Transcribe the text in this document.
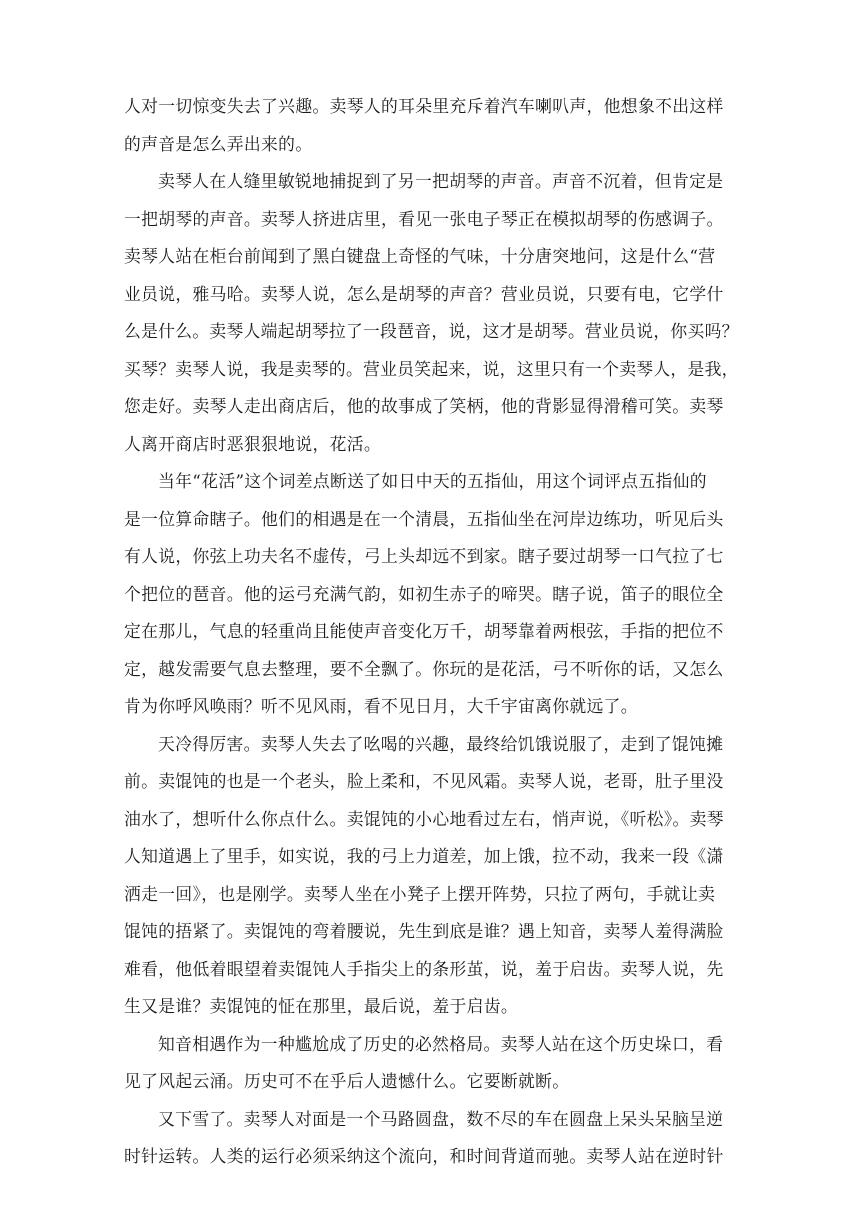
人对一切惊变失去了兴趣。卖琴人的耳朵里充斥着汽车喇叭声，他想象不出这样
的声音是怎么弄出来的。
卖琴人在人缝里敏锐地捕捉到了另一把胡琴的声音。声音不沉着，但肯定是
一把胡琴的声音。卖琴人挤进店里，看见一张电子琴正在模拟胡琴的伤感调子。
卖琴人站在柜台前闻到了黑白键盘上奇怪的气味，十分唐突地问，这是什么“营
业员说，雅马哈。卖琴人说，怎么是胡琴的声音？营业员说，只要有电，它学什
么是什么。卖琴人端起胡琴拉了一段琶音，说，这才是胡琴。营业员说，你买吗？
买琴？卖琴人说，我是卖琴的。营业员笑起来，说，这里只有一个卖琴人，是我，
您走好。卖琴人走出商店后，他的故事成了笑柄，他的背影显得滑稽可笑。卖琴
人离开商店时恶狠狠地说，花活。
当年“花活”这个词差点断送了如日中天的五指仙，用这个词评点五指仙的
是一位算命瞎子。他们的相遇是在一个清晨，五指仙坐在河岸边练功，听见后头
有人说，你弦上功夫名不虚传，弓上头却远不到家。瞎子要过胡琴一口气拉了七
个把位的琶音。他的运弓充满气韵，如初生赤子的啼哭。瞎子说，笛子的眼位全
定在那儿，气息的轻重尚且能使声音变化万千，胡琴靠着两根弦，手指的把位不
定，越发需要气息去整理，要不全飘了。你玩的是花活，弓不听你的话，又怎么
肯为你呼风唤雨？听不见风雨，看不见日月，大千宇宙离你就远了。
天冷得厉害。卖琴人失去了吆喝的兴趣，最终给饥饿说服了，走到了馄饨摊
前。卖馄饨的也是一个老头，脸上柔和，不见风霜。卖琴人说，老哥，肚子里没
油水了，想听什么你点什么。卖馄饨的小心地看过左右，悄声说，《听松》。卖琴
人知道遇上了里手，如实说，我的弓上力道差，加上饿，拉不动，我来一段《潇
洒走一回》，也是刚学。卖琴人坐在小凳子上摆开阵势，只拉了两句，手就让卖
馄饨的捂紧了。卖馄饨的弯着腰说，先生到底是谁？遇上知音，卖琴人羞得满脸
难看，他低着眼望着卖馄饨人手指尖上的条形茧，说，羞于启齿。卖琴人说，先
生又是谁？卖馄饨的怔在那里，最后说，羞于启齿。
知音相遇作为一种尴尬成了历史的必然格局。卖琴人站在这个历史垛口，看
见了风起云涌。历史可不在乎后人遗憾什么。它要断就断。
又下雪了。卖琴人对面是一个马路圆盘，数不尽的车在圆盘上呆头呆脑呈逆
时针运转。人类的运行必须采纳这个流向，和时间背道而驰。卖琴人站在逆时针
